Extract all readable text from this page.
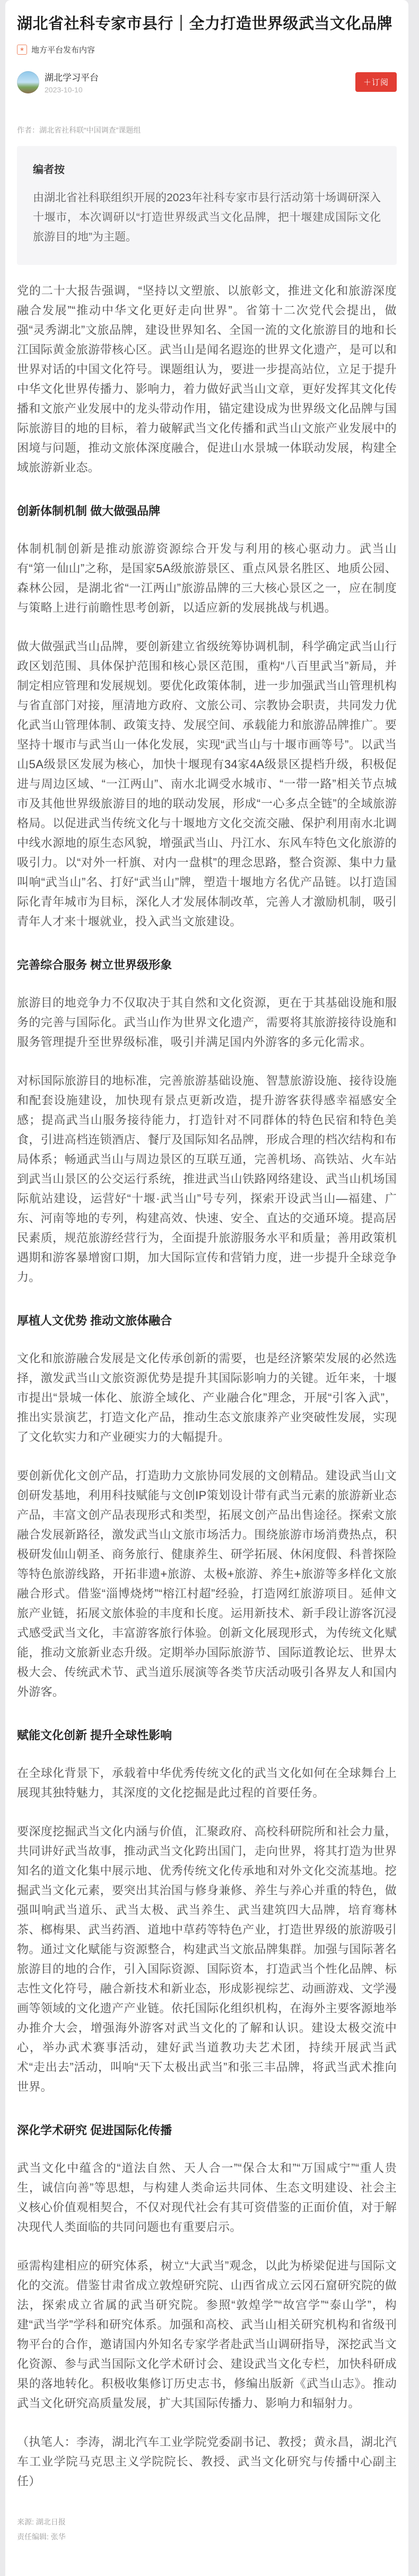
湖北省社科专家市县行｜全力打造世界级武当文化品牌
★ 地方平台发布内容
湖北学习平台
2023-10-10
＋订阅
作者：湖北省社科联“中国调查”课题组
编者按

由湖北省社科联组织开展的2023年社科专家市县行活动第十场调研深入十堰市，本次调研以“打造世界级武当文化品牌，把十堰建成国际文化旅游目的地”为主题。

党的二十大报告强调，“坚持以文塑旅、以旅彰文，推进文化和旅游深度融合发展”“推动中华文化更好走向世界”。省第十二次党代会提出，做强“灵秀湖北”文旅品牌，建设世界知名、全国一流的文化旅游目的地和长江国际黄金旅游带核心区。武当山是闻名遐迩的世界文化遗产，是可以和世界对话的中国文化符号。课题组认为，要进一步提高站位，立足于提升中华文化世界传播力、影响力，着力做好武当山文章，更好发挥其文化传播和文旅产业发展中的龙头带动作用，锚定建设成为世界级文化品牌与国际旅游目的地的目标，着力破解武当文化传播和武当山文旅产业发展中的困境与问题，推动文旅体深度融合，促进山水景城一体联动发展，构建全域旅游新业态。

创新体制机制 做大做强品牌

体制机制创新是推动旅游资源综合开发与利用的核心驱动力。武当山有“第一仙山”之称，是国家5A级旅游景区、重点风景名胜区、地质公园、森林公园，是湖北省“一江两山”旅游品牌的三大核心景区之一，应在制度与策略上进行前瞻性思考创新，以适应新的发展挑战与机遇。

做大做强武当山品牌，要创新建立省级统筹协调机制，科学确定武当山行政区划范围、具体保护范围和核心景区范围，重构“八百里武当”新局，并制定相应管理和发展规划。要优化政策体制，进一步加强武当山管理机构与省直部门对接，厘清地方政府、文旅公司、宗教协会职责，共同发力优化武当山管理体制、政策支持、发展空间、承载能力和旅游品牌推广。要坚持十堰市与武当山一体化发展，实现“武当山与十堰市画等号”。以武当山5A级景区发展为核心，加快十堰现有34家4A级景区提档升级，积极促进与周边区域、“一江两山”、南水北调受水城市、“一带一路”相关节点城市及其他世界级旅游目的地的联动发展，形成“一心多点全链”的全域旅游格局。以促进武当传统文化与十堰地方文化交流交融、保护利用南水北调中线水源地的原生态风貌，增强武当山、丹江水、东风车特色文化旅游的吸引力。以“对外一杆旗、对内一盘棋”的理念思路，整合资源、集中力量叫响“武当山”名、打好“武当山”牌，塑造十堰地方名优产品链。以打造国际化青年城市为目标，深化人才发展体制改革，完善人才激励机制，吸引青年人才来十堰就业，投入武当文旅建设。

完善综合服务 树立世界级形象

旅游目的地竞争力不仅取决于其自然和文化资源，更在于其基础设施和服务的完善与国际化。武当山作为世界文化遗产，需要将其旅游接待设施和服务管理提升至世界级标准，吸引并满足国内外游客的多元化需求。

对标国际旅游目的地标准，完善旅游基础设施、智慧旅游设施、接待设施和配套设施建设，加快现有景点更新改造，提升游客获得感幸福感安全感；提高武当山服务接待能力，打造针对不同群体的特色民宿和特色美食，引进高档连锁酒店、餐厅及国际知名品牌，形成合理的档次结构和布局体系；畅通武当山与周边景区的互联互通，完善机场、高铁站、火车站到武当山景区的公交运行系统，推进武当山铁路网络建设、武当山机场国际航站建设，运营好“十堰·武当山”号专列，探索开设武当山—福建、广东、河南等地的专列，构建高效、快速、安全、直达的交通环境。提高居民素质，规范旅游经营行为，全面提升旅游服务水平和质量；善用政策机遇期和游客暴增窗口期，加大国际宣传和营销力度，进一步提升全球竞争力。

厚植人文优势 推动文旅体融合

文化和旅游融合发展是文化传承创新的需要，也是经济繁荣发展的必然选择，激发武当山文旅资源优势是提升其国际影响力的关键。近年来，十堰市提出“景城一体化、旅游全域化、产业融合化”理念，开展“引客入武”，推出实景演艺，打造文化产品，推动生态文旅康养产业突破性发展，实现了文化软实力和产业硬实力的大幅提升。

要创新优化文创产品，打造助力文旅协同发展的文创精品。建设武当山文创研发基地，利用科技赋能与文创IP策划设计带有武当元素的旅游新业态产品，丰富文创产品表现形式和类型，拓展文创产品出售途径。探索文旅融合发展新路径，激发武当山文旅市场活力。围绕旅游市场消费热点，积极研发仙山朝圣、商务旅行、健康养生、研学拓展、休闲度假、科普探险等特色旅游线路，开拓非遗+旅游、太极+旅游、养生+旅游等多样化文旅融合形式。借鉴“淄博烧烤”“榕江村超”经验，打造网红旅游项目。延伸文旅产业链，拓展文旅体验的丰度和长度。运用新技术、新手段让游客沉浸式感受武当文化，丰富游客旅行体验。创新文化展现形式，为传统文化赋能，推动文旅新业态升级。定期举办国际旅游节、国际道教论坛、世界太极大会、传统武术节、武当道乐展演等各类节庆活动吸引各界友人和国内外游客。

赋能文化创新 提升全球性影响

在全球化背景下，承载着中华优秀传统文化的武当文化如何在全球舞台上展现其独特魅力，其深度的文化挖掘是此过程的首要任务。

要深度挖掘武当文化内涵与价值，汇聚政府、高校科研院所和社会力量，共同讲好武当故事，推动武当文化跨出国门，走向世界，将其打造为世界知名的道文化集中展示地、优秀传统文化传承地和对外文化交流基地。挖掘武当文化元素，要突出其治国与修身兼修、养生与养心并重的特色，做强叫响武当道乐、武当太极、武当养生、武当建筑四大品牌，培育骞林茶、榔梅果、武当药酒、道地中草药等特色产业，打造世界级的旅游吸引物。通过文化赋能与资源整合，构建武当文旅品牌集群。加强与国际著名旅游目的地的合作，引入国际资源、国际资本，打造武当个性化品牌、标志性文化符号，融合新技术和新业态，形成影视综艺、动画游戏、文学漫画等领域的文化遗产产业链。依托国际化组织机构，在海外主要客源地举办推介大会，增强海外游客对武当文化的了解和认识。建设太极交流中心，举办武术赛事活动，建好武当道教功夫艺术团，持续开展武当武术“走出去”活动，叫响“天下太极出武当”和张三丰品牌，将武当武术推向世界。

深化学术研究 促进国际化传播

武当文化中蕴含的“道法自然、天人合一”“保合太和”“万国咸宁”“重人贵生，诚信向善”等思想，与构建人类命运共同体、生态文明建设、社会主义核心价值观相契合，不仅对现代社会有其可资借鉴的正面价值，对于解决现代人类面临的共同问题也有重要启示。

亟需构建相应的研究体系，树立“大武当”观念，以此为桥梁促进与国际文化的交流。借鉴甘肃省成立敦煌研究院、山西省成立云冈石窟研究院的做法，探索成立省属的武当研究院。参照“敦煌学”“故宫学”“泰山学”，构建“武当学”学科和研究体系。加强和高校、武当山相关研究机构和省级刊物平台的合作，邀请国内外知名专家学者赴武当山调研指导，深挖武当文化资源、参与武当国际文化学术研讨会、建设武当文化专栏，加快科研成果的落地转化。积极收集修订历史志书，修编出版新《武当山志》。推动武当文化研究高质量发展，扩大其国际传播力、影响力和辐射力。

（执笔人：李涛，湖北汽车工业学院党委副书记、教授；黄永昌，湖北汽车工业学院马克思主义学院院长、教授、武当文化研究与传播中心副主任）

来源: 湖北日报
责任编辑: 张华
